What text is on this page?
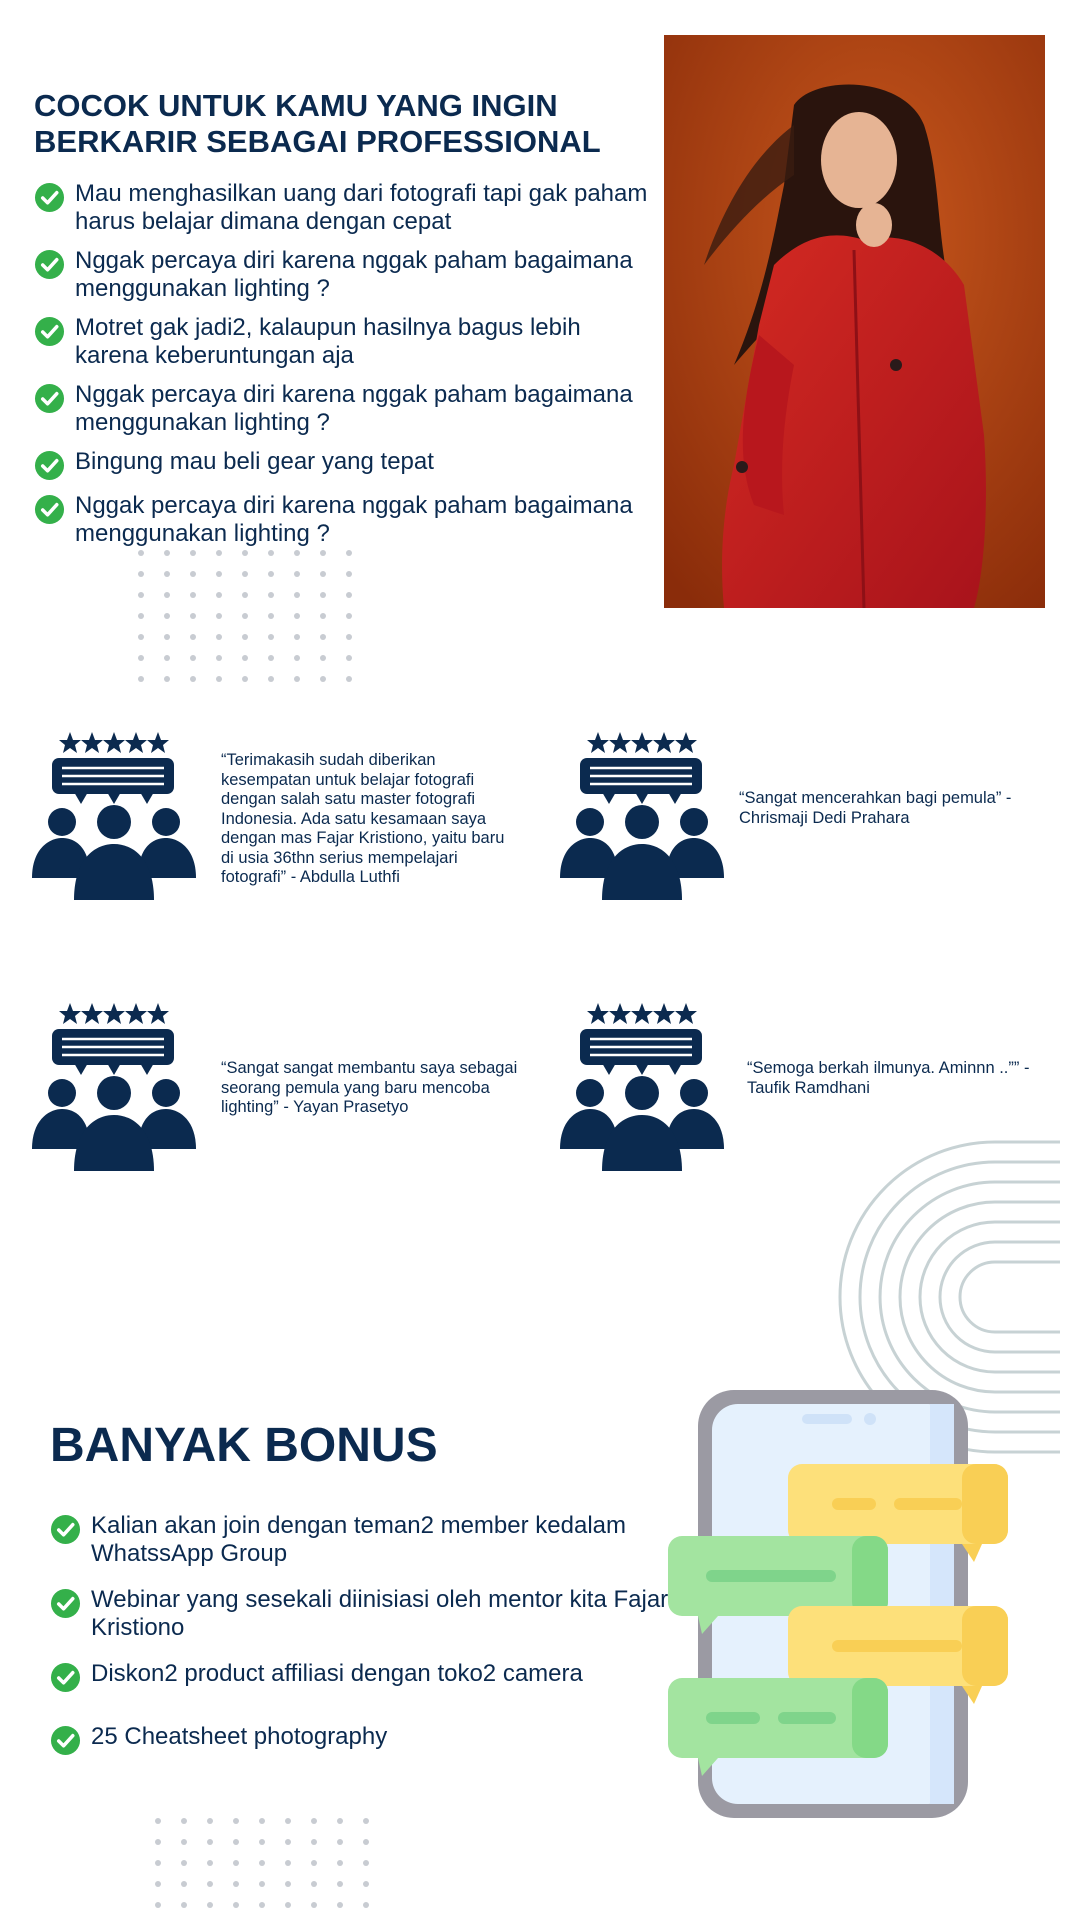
COCOK UNTUK KAMU YANG INGIN BERKARIR SEBAGAI PROFESSIONAL
Mau menghasilkan uang dari fotografi tapi gak paham harus belajar dimana dengan cepat
Nggak percaya diri karena nggak paham bagaimana menggunakan lighting ?
Motret gak jadi2, kalaupun hasilnya bagus lebih karena keberuntungan aja
Nggak percaya diri karena nggak paham bagaimana menggunakan lighting ?
Bingung mau beli gear yang tepat
Nggak percaya diri karena nggak paham bagaimana menggunakan lighting ?
“Terimakasih sudah diberikan kesempatan untuk belajar fotografi dengan salah satu master fotografi Indonesia. Ada satu kesamaan saya dengan mas Fajar Kristiono, yaitu baru di usia 36thn serius mempelajari fotografi” - Abdulla Luthfi
“Sangat mencerahkan bagi pemula” - Chrismaji Dedi Prahara
“Sangat sangat membantu saya sebagai seorang pemula yang baru mencoba lighting” - Yayan Prasetyo
“Semoga berkah ilmunya. Aminnn ..”” - Taufik Ramdhani
BANYAK BONUS
Kalian akan join dengan teman2 member kedalam WhatssApp Group
Webinar yang sesekali diinisiasi oleh mentor kita Fajar Kristiono
Diskon2 product affiliasi dengan toko2 camera
25 Cheatsheet photography
